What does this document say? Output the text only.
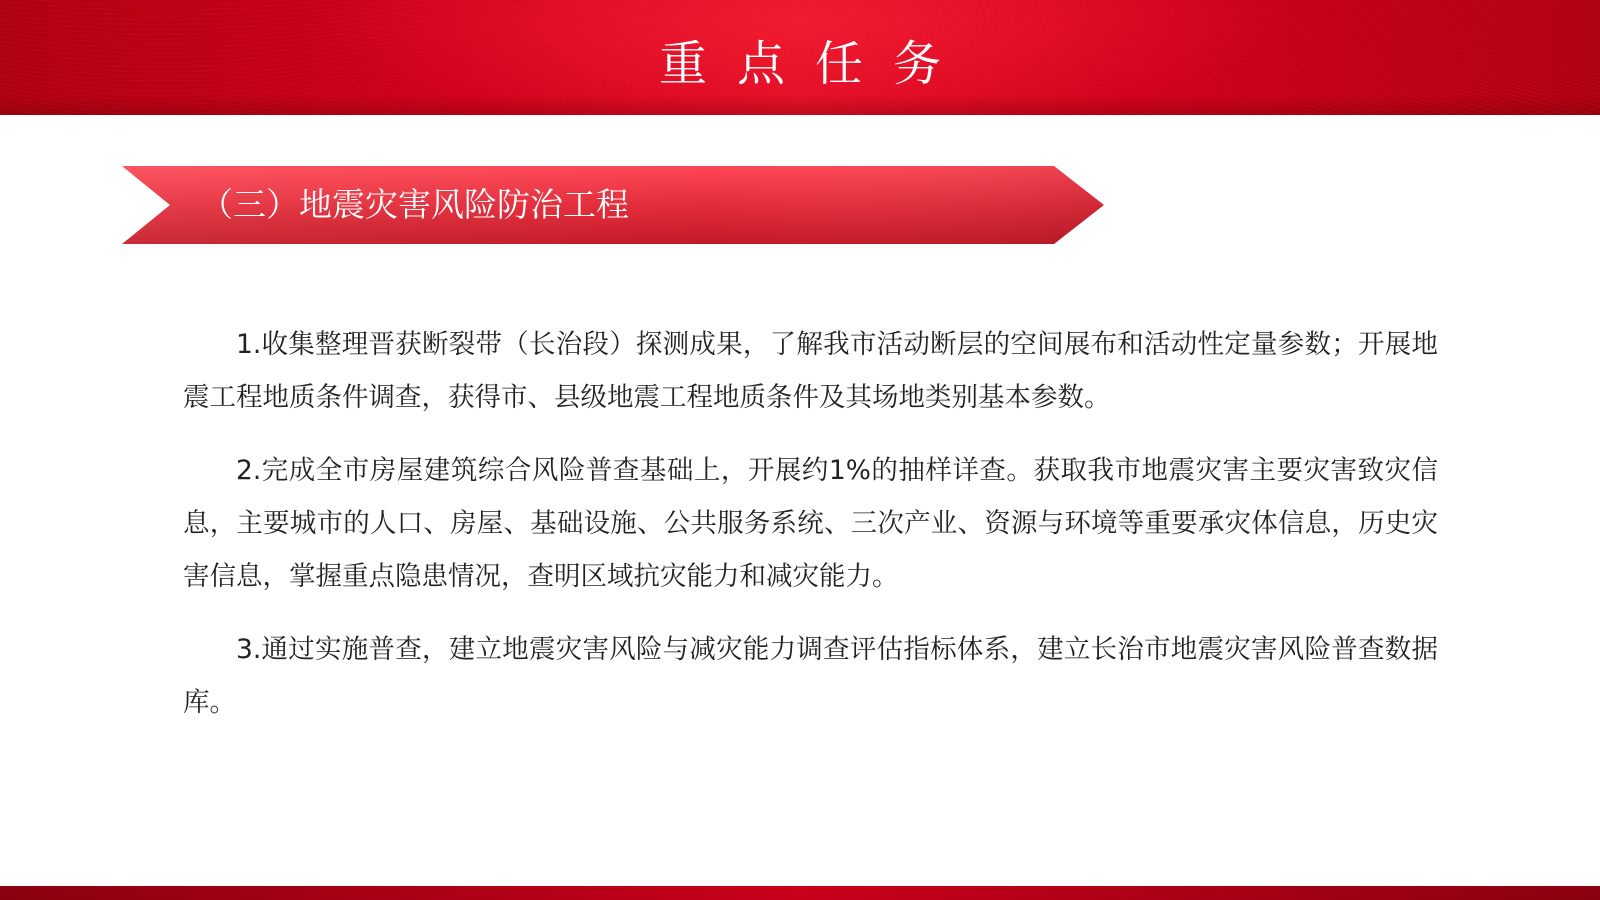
重点任务
（三）地震灾害风险防治工程

1.收集整理晋获断裂带（长治段）探测成果，了解我市活动断层的空间展布和活动性定量参数；开展地震工程地质条件调查，获得市、县级地震工程地质条件及其场地类别基本参数。

2.完成全市房屋建筑综合风险普查基础上，开展约1%的抽样详查。获取我市地震灾害主要灾害致灾信息，主要城市的人口、房屋、基础设施、公共服务系统、三次产业、资源与环境等重要承灾体信息，历史灾害信息，掌握重点隐患情况，查明区域抗灾能力和减灾能力。

3.通过实施普查，建立地震灾害风险与减灾能力调查评估指标体系，建立长治市地震灾害风险普查数据库。
